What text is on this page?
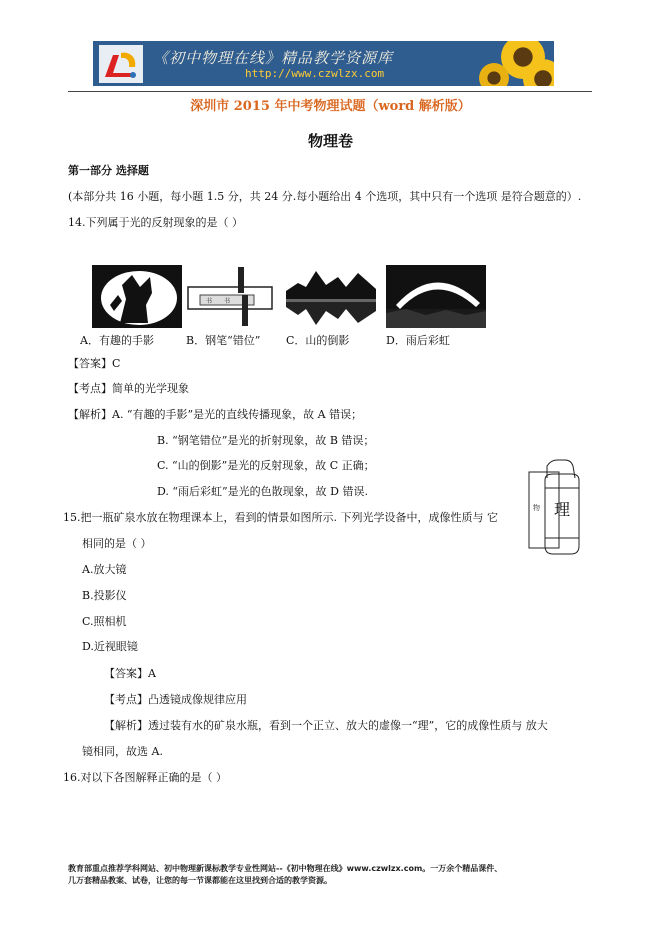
《初中物理在线》精品教学资源库
http://www.czwlzx.com
深圳市 2015 年中考物理试题（word 解析版）
物理卷
第一部分 选择题
(本部分共 16 小题，每小题 1.5 分，共 24 分.每小题给出 4 个选项，其中只有一个选项 是符合题意的）.
14.下列属于光的反射现象的是（ ）
书 书
A．有趣的手影	B．钢笔“错位” C．山的倒影	D．雨后彩虹
【答案】C
【考点】简单的光学现象
【解析】A. “有趣的手影”是光的直线传播现象，故 A 错误；
B. “钢笔错位”是光的折射现象，故 B 错误；
C. “山的倒影”是光的反射现象，故 C 正确；
D. “雨后彩虹”是光的色散现象，故 D 错误.
物 理
15.把一瓶矿泉水放在物理课本上，看到的情景如图所示. 下列光学设备中，成像性质与 它
相同的是（ ）
A.放大镜
B.投影仪
C.照相机
D.近视眼镜
【答案】A
【考点】凸透镜成像规律应用
【解析】透过装有水的矿泉水瓶，看到一个正立、放大的虚像一“理”，它的成像性质与 放大
镜相同，故选 A.
16.对以下各图解释正确的是（ ）
教育部重点推荐学科网站、初中物理新课标教学专业性网站--《初中物理在线》www.czwlzx.com。一万余个精品课件、
几万套精品教案、试卷，让您的每一节课都能在这里找到合适的教学资源。
